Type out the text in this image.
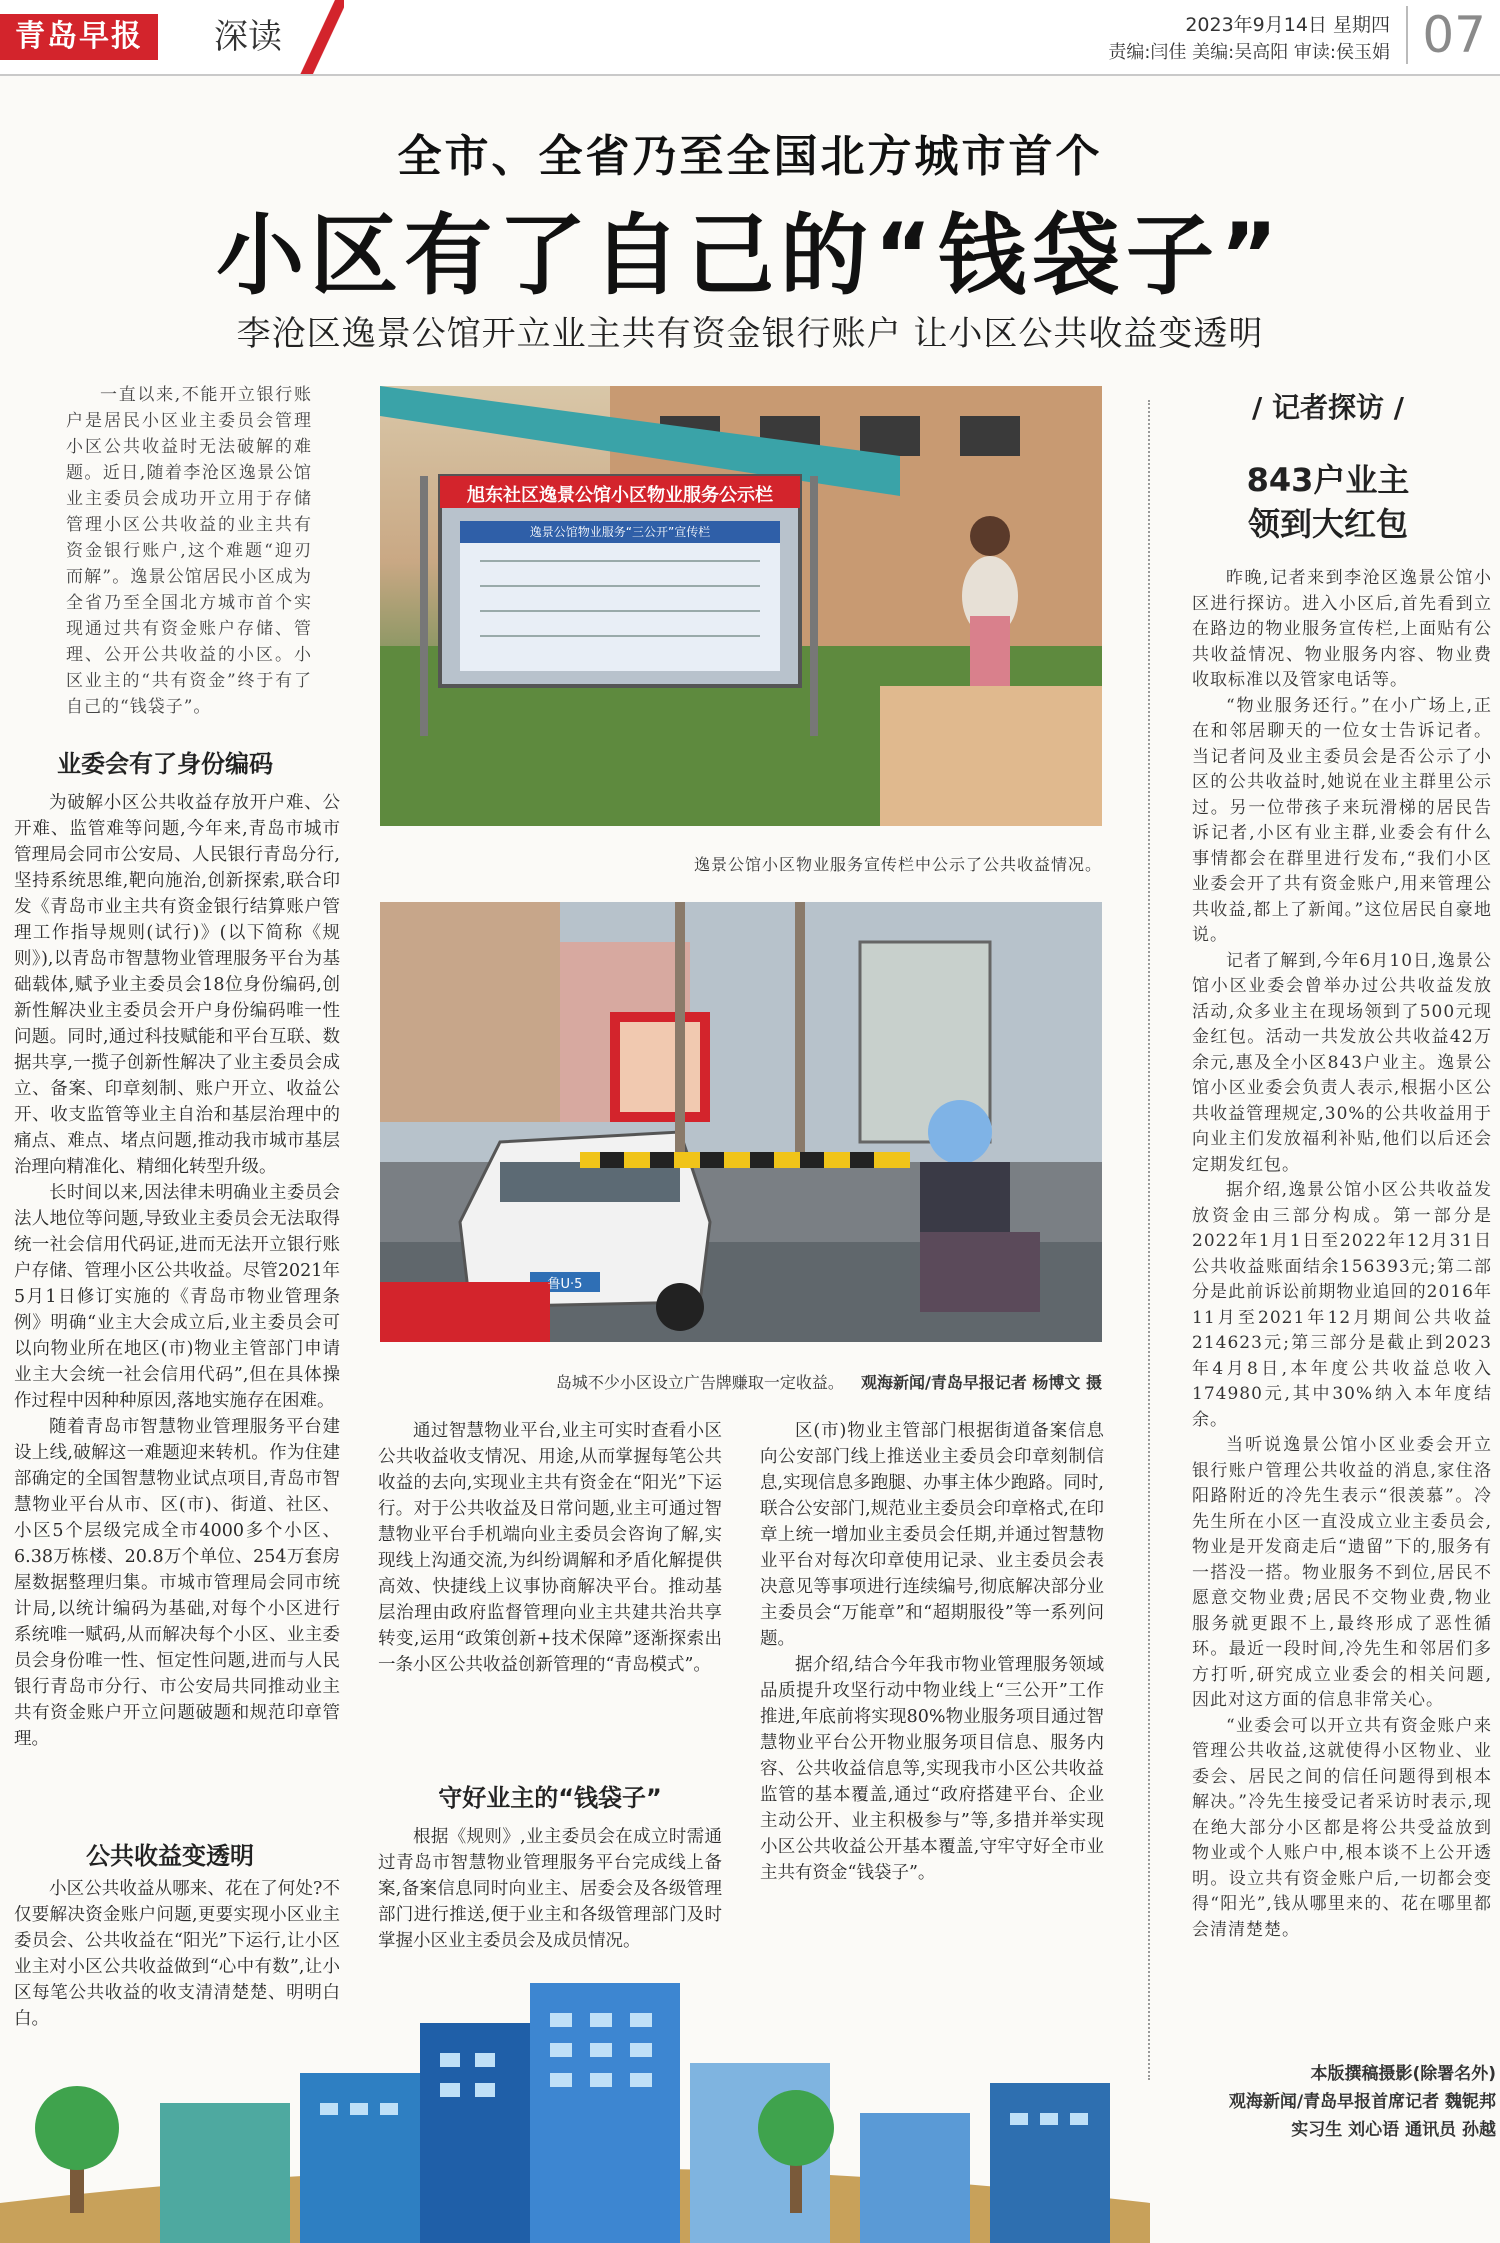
青岛早报	深读	2023年9月14日 星期四
责编:闫佳 美编:吴高阳 审读:侯玉娟 07
全市、全省乃至全国北方城市首个
小区有了自己的“钱袋子”
李沧区逸景公馆开立业主共有资金银行账户 让小区公共收益变透明
一直以来,不能开立银行账户是居民小区业主委员会管理小区公共收益时无法破解的难题。近日,随着李沧区逸景公馆业主委员会成功开立用于存储管理小区公共收益的业主共有资金银行账户,这个难题“迎刃而解”。逸景公馆居民小区成为全省乃至全国北方城市首个实现通过共有资金账户存储、管理、公开公共收益的小区。小区业主的“共有资金”终于有了自己的“钱袋子”。
业委会有了身份编码

为破解小区公共收益存放开户难、公开难、监管难等问题,今年来,青岛市城市管理局会同市公安局、人民银行青岛分行,坚持系统思维,靶向施治,创新探索,联合印发《青岛市业主共有资金银行结算账户管理工作指导规则(试行)》(以下简称《规则》),以青岛市智慧物业管理服务平台为基础载体,赋予业主委员会18位身份编码,创新性解决业主委员会开户身份编码唯一性问题。同时,通过科技赋能和平台互联、数据共享,一揽子创新性解决了业主委员会成立、备案、印章刻制、账户开立、收益公开、收支监管等业主自治和基层治理中的痛点、难点、堵点问题,推动我市城市基层治理向精准化、精细化转型升级。

长时间以来,因法律未明确业主委员会法人地位等问题,导致业主委员会无法取得统一社会信用代码证,进而无法开立银行账户存储、管理小区公共收益。尽管2021年5月1日修订实施的《青岛市物业管理条例》明确“业主大会成立后,业主委员会可以向物业所在地区(市)物业主管部门申请业主大会统一社会信用代码”,但在具体操作过程中因种种原因,落地实施存在困难。

随着青岛市智慧物业管理服务平台建设上线,破解这一难题迎来转机。作为住建部确定的全国智慧物业试点项目,青岛市智慧物业平台从市、区(市)、街道、社区、小区5个层级完成全市4000多个小区、6.38万栋楼、20.8万个单位、254万套房屋数据整理归集。市城市管理局会同市统计局,以统计编码为基础,对每个小区进行系统唯一赋码,从而解决每个小区、业主委员会身份唯一性、恒定性问题,进而与人民银行青岛市分行、市公安局共同推动业主共有资金账户开立问题破题和规范印章管理。

公共收益变透明

小区公共收益从哪来、花在了何处?不仅要解决资金账户问题,更要实现小区业主委员会、公共收益在“阳光”下运行,让小区业主对小区公共收益做到“心中有数”,让小区每笔公共收益的收支清清楚楚、明明白白。

旭东社区逸景公馆小区物业服务公示栏
逸景公馆物业服务“三公开”宣传栏
逸景公馆小区物业服务宣传栏中公示了公共收益情况。
鲁U·5
岛城不少小区设立广告牌赚取一定收益。 观海新闻/青岛早报记者 杨博文 摄

通过智慧物业平台,业主可实时查看小区公共收益收支情况、用途,从而掌握每笔公共收益的去向,实现业主共有资金在“阳光”下运行。对于公共收益及日常问题,业主可通过智慧物业平台手机端向业主委员会咨询了解,实现线上沟通交流,为纠纷调解和矛盾化解提供高效、快捷线上议事协商解决平台。推动基层治理由政府监督管理向业主共建共治共享转变,运用“政策创新+技术保障”逐渐探索出一条小区公共收益创新管理的“青岛模式”。

守好业主的“钱袋子”

根据《规则》,业主委员会在成立时需通过青岛市智慧物业管理服务平台完成线上备案,备案信息同时向业主、居委会及各级管理部门进行推送,便于业主和各级管理部门及时掌握小区业主委员会及成员情况。

区(市)物业主管部门根据街道备案信息向公安部门线上推送业主委员会印章刻制信息,实现信息多跑腿、办事主体少跑路。同时,联合公安部门,规范业主委员会印章格式,在印章上统一增加业主委员会任期,并通过智慧物业平台对每次印章使用记录、业主委员会表决意见等事项进行连续编号,彻底解决部分业主委员会“万能章”和“超期服役”等一系列问题。

据介绍,结合今年我市物业管理服务领域品质提升攻坚行动中物业线上“三公开”工作推进,年底前将实现80%物业服务项目通过智慧物业平台公开物业服务项目信息、服务内容、公共收益信息等,实现我市小区公共收益监管的基本覆盖,通过“政府搭建平台、企业主动公开、业主积极参与”等,多措并举实现小区公共收益公开基本覆盖,守牢守好全市业主共有资金“钱袋子”。

/ 记者探访 /
843户业主
领到大红包

昨晚,记者来到李沧区逸景公馆小区进行探访。进入小区后,首先看到立在路边的物业服务宣传栏,上面贴有公共收益情况、物业服务内容、物业费收取标准以及管家电话等。

“物业服务还行。”在小广场上,正在和邻居聊天的一位女士告诉记者。当记者问及业主委员会是否公示了小区的公共收益时,她说在业主群里公示过。另一位带孩子来玩滑梯的居民告诉记者,小区有业主群,业委会有什么事情都会在群里进行发布,“我们小区业委会开了共有资金账户,用来管理公共收益,都上了新闻。”这位居民自豪地说。

记者了解到,今年6月10日,逸景公馆小区业委会曾举办过公共收益发放活动,众多业主在现场领到了500元现金红包。活动一共发放公共收益42万余元,惠及全小区843户业主。逸景公馆小区业委会负责人表示,根据小区公共收益管理规定,30%的公共收益用于向业主们发放福利补贴,他们以后还会定期发红包。

据介绍,逸景公馆小区公共收益发放资金由三部分构成。第一部分是2022年1月1日至2022年12月31日公共收益账面结余156393元;第二部分是此前诉讼前期物业追回的2016年11月至2021年12月期间公共收益214623元;第三部分是截止到2023年4月8日,本年度公共收益总收入174980元,其中30%纳入本年度结余。

当听说逸景公馆小区业委会开立银行账户管理公共收益的消息,家住洛阳路附近的冷先生表示“很羡慕”。冷先生所在小区一直没成立业主委员会,物业是开发商走后“遗留”下的,服务有一搭没一搭。物业服务不到位,居民不愿意交物业费;居民不交物业费,物业服务就更跟不上,最终形成了恶性循环。最近一段时间,冷先生和邻居们多方打听,研究成立业委会的相关问题,因此对这方面的信息非常关心。

“业委会可以开立共有资金账户来管理公共收益,这就使得小区物业、业委会、居民之间的信任问题得到根本解决。”冷先生接受记者采访时表示,现在绝大部分小区都是将公共受益放到物业或个人账户中,根本谈不上公开透明。设立共有资金账户后,一切都会变得“阳光”,钱从哪里来的、花在哪里都会清清楚楚。

本版撰稿摄影(除署名外)
观海新闻/青岛早报首席记者 魏铌邦
实习生 刘心语 通讯员 孙越
